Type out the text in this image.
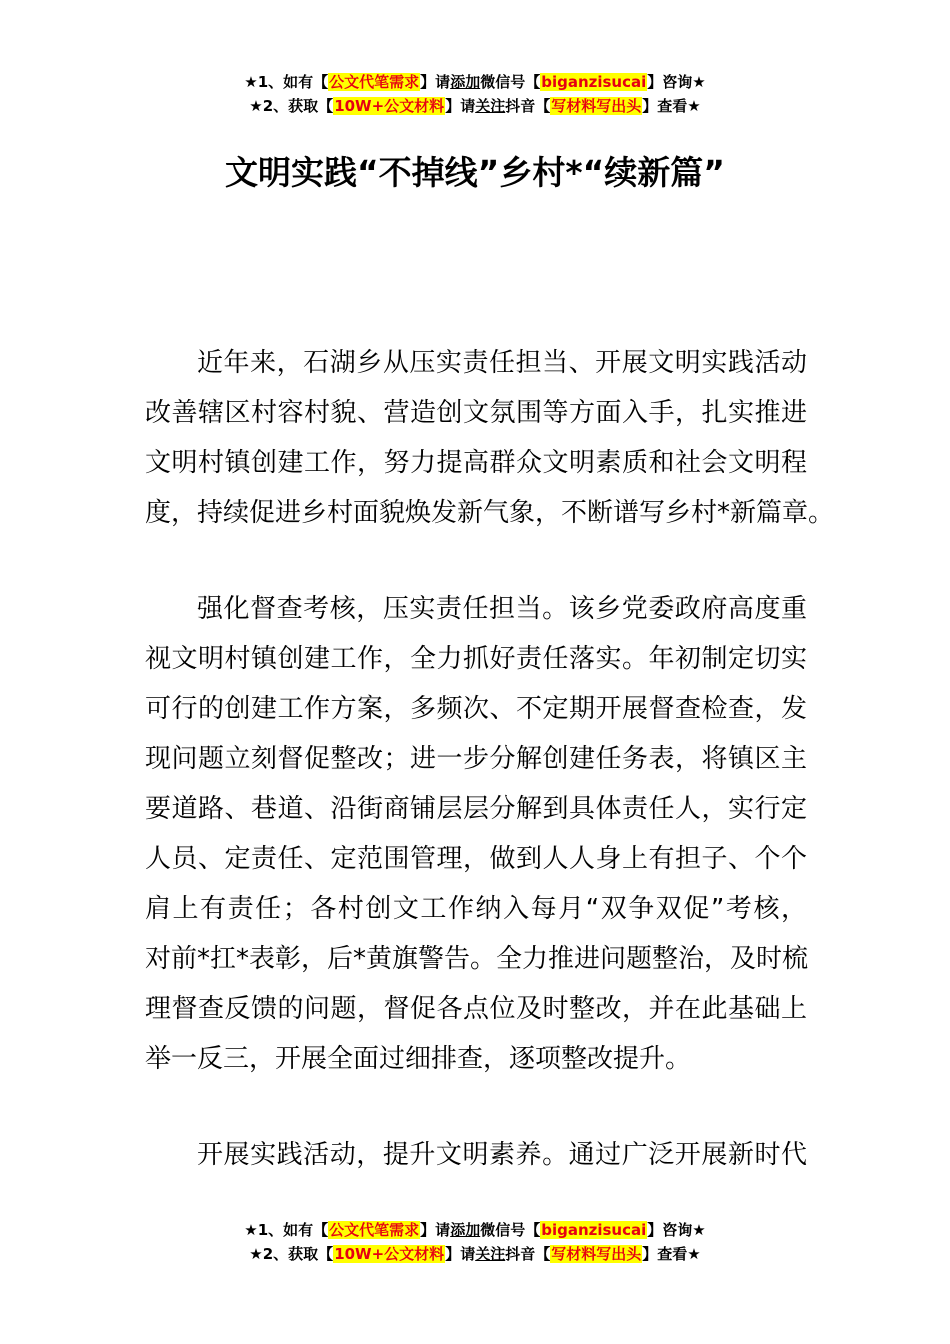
★1、如有【公文代笔需求】请添加微信号【biganzisucai】咨询★
★2、获取【10W+公文材料】请关注抖音【写材料写出头】查看★
文明实践“不掉线”乡村*“续新篇”
近年来，石湖乡从压实责任担当、开展文明实践活动
改善辖区村容村貌、营造创文氛围等方面入手，扎实推进
文明村镇创建工作，努力提高群众文明素质和社会文明程
度，持续促进乡村面貌焕发新气象，不断谱写乡村*新篇章。
强化督查考核，压实责任担当。该乡党委政府高度重
视文明村镇创建工作，全力抓好责任落实。年初制定切实
可行的创建工作方案，多频次、不定期开展督查检查，发
现问题立刻督促整改；进一步分解创建任务表，将镇区主
要道路、巷道、沿街商铺层层分解到具体责任人，实行定
人员、定责任、定范围管理，做到人人身上有担子、个个
肩上有责任；各村创文工作纳入每月“双争双促”考核，
对前*扛*表彰，后*黄旗警告。全力推进问题整治，及时梳
理督查反馈的问题，督促各点位及时整改，并在此基础上
举一反三，开展全面过细排查，逐项整改提升。
开展实践活动，提升文明素养。通过广泛开展新时代
★1、如有【公文代笔需求】请添加微信号【biganzisucai】咨询★
★2、获取【10W+公文材料】请关注抖音【写材料写出头】查看★
